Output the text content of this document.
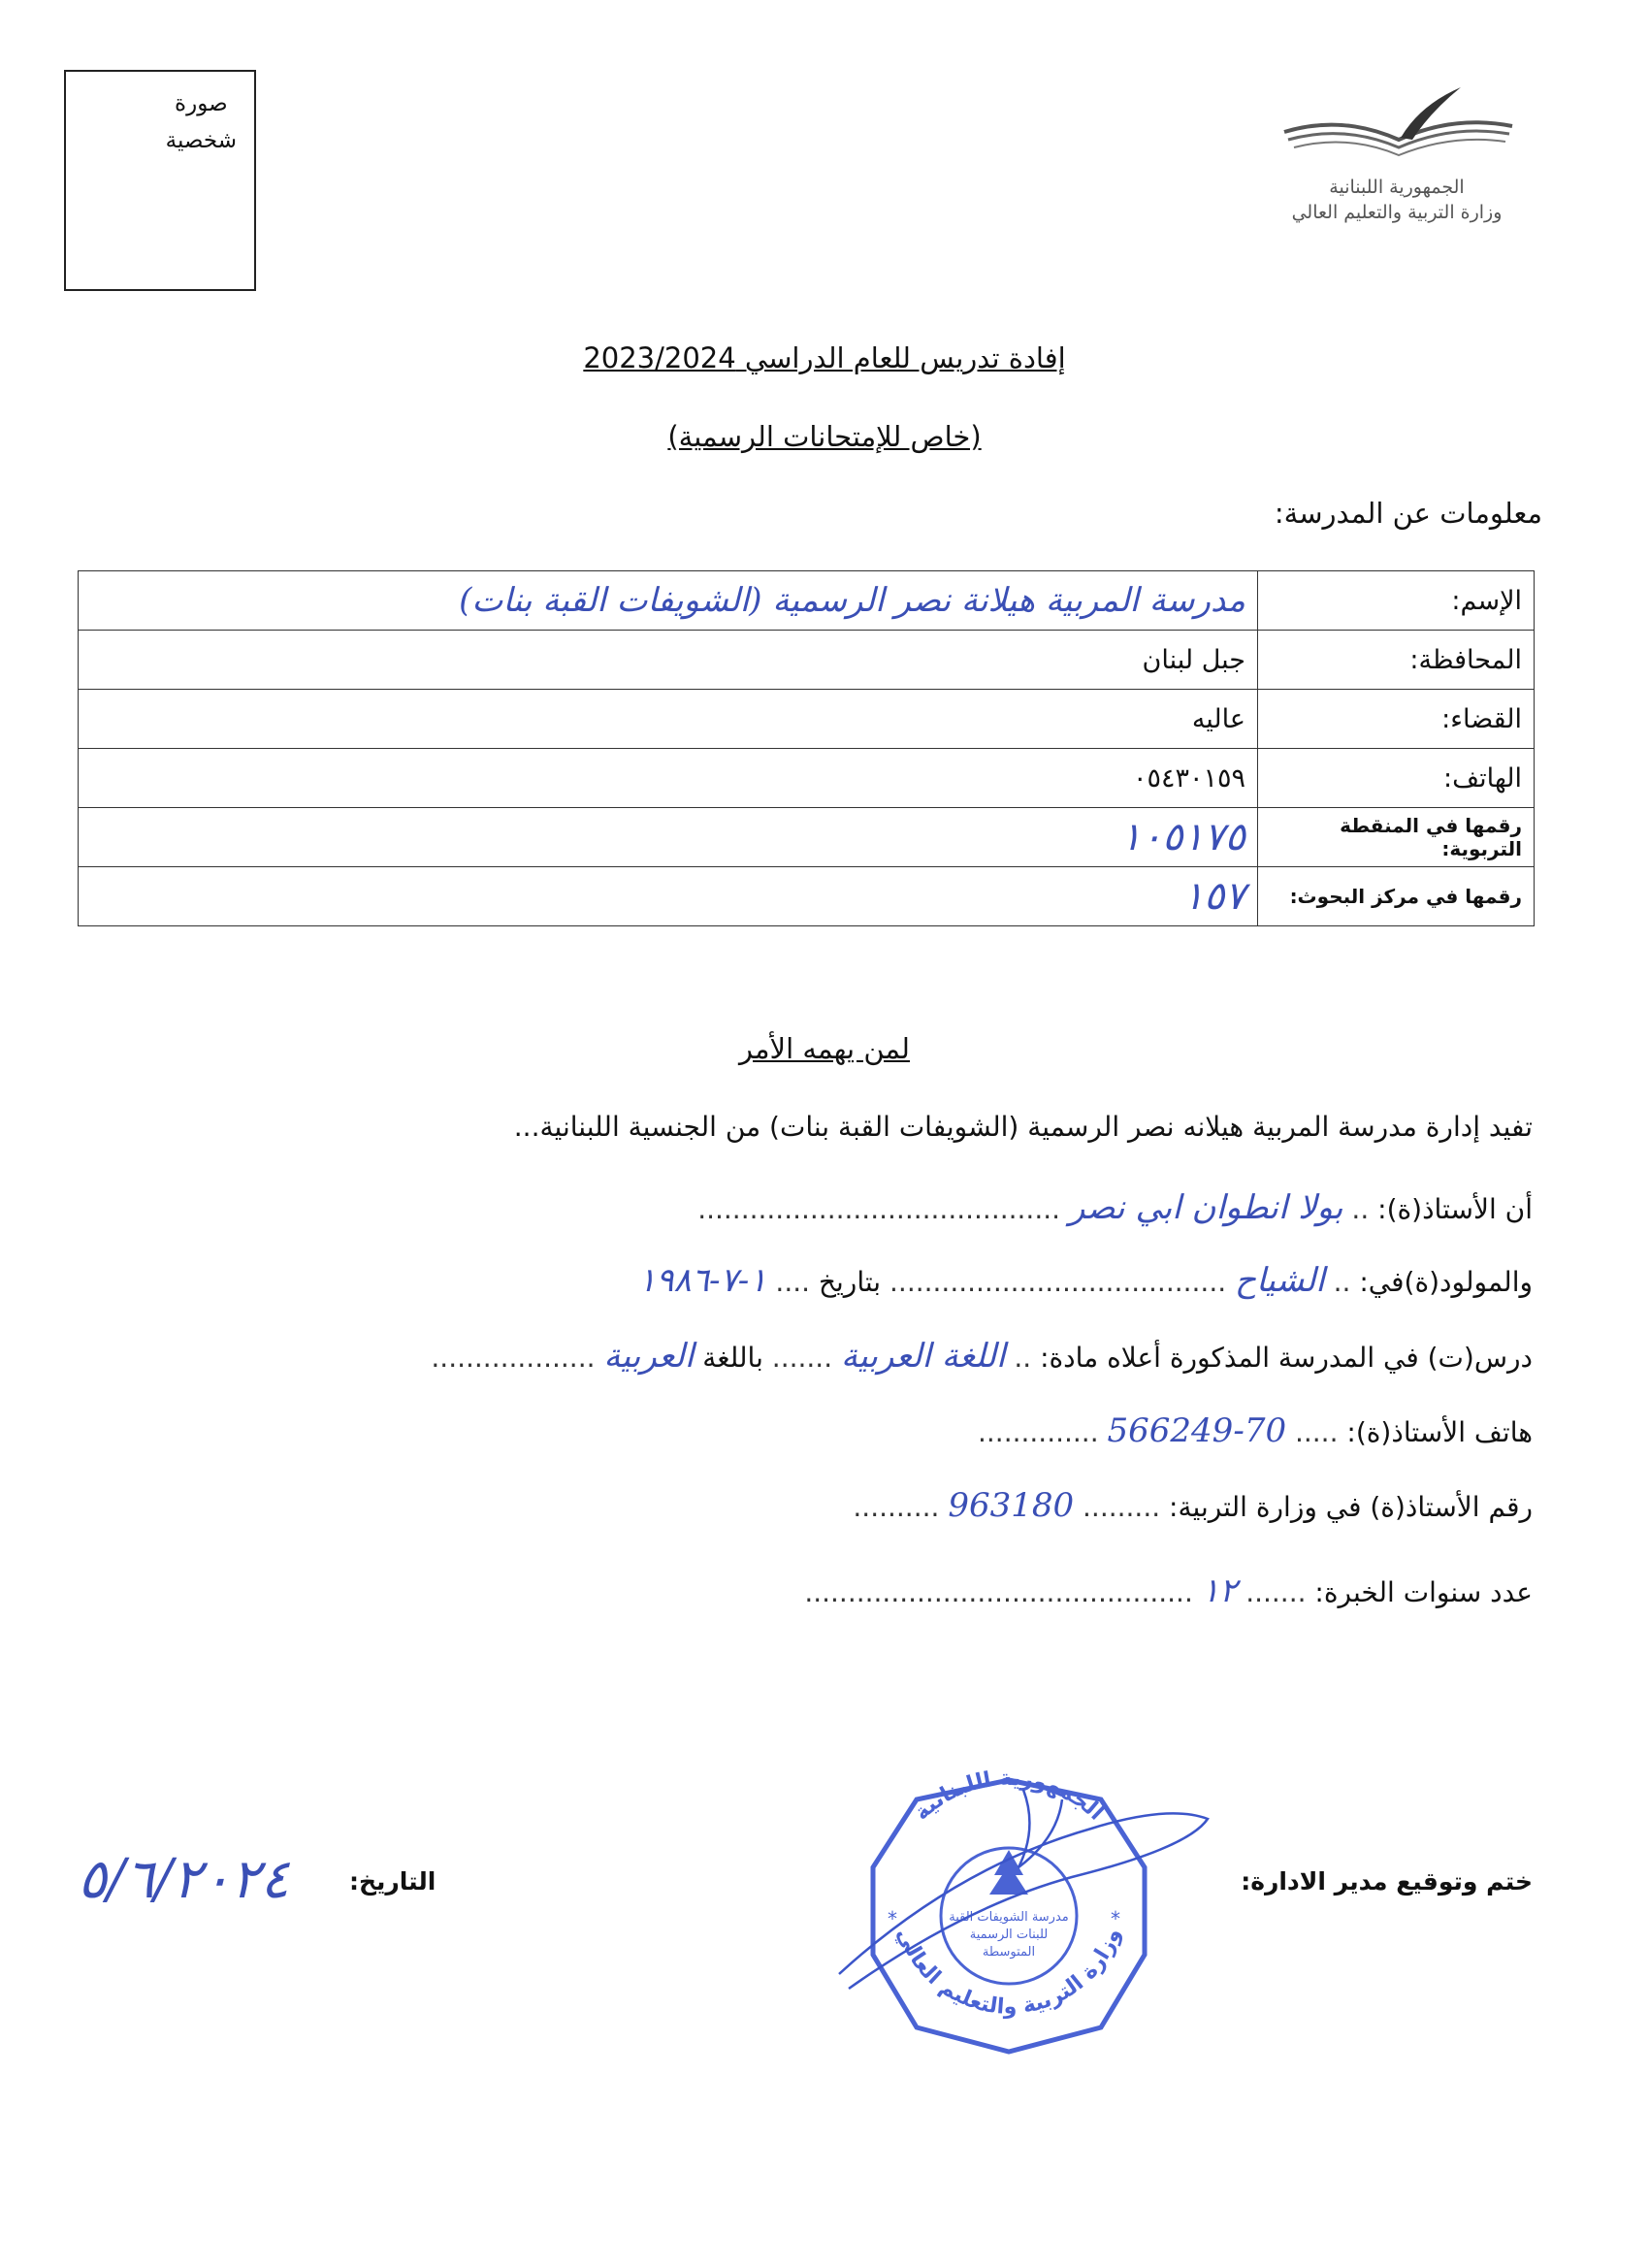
صورة
شخصية
الجمهورية اللبنانية
وزارة التربية والتعليم العالي
إفادة تدريس للعام الدراسي 2023/2024
(خاص للإمتحانات الرسمية)
معلومات عن المدرسة:
الإسم:	مدرسة المربية هيلانة نصر الرسمية (الشويفات القبة بنات)
المحافظة:	جبل لبنان
القضاء:	عاليه
الهاتف:	٠٥٤٣٠١٥٩
رقمها في المنقطة التربوية:	١٠٥١٧٥
رقمها في مركز البحوث:	١٥٧
لمن يهمه الأمر
تفيد إدارة مدرسة المربية هيلانه نصر الرسمية (الشويفات القبة بنات) من الجنسية اللبنانية...
أن الأستاذ(ة): .. بولا انطوان ابي نصر ..........................................
والمولود(ة)في: .. الشياح ....................................... بتاريخ .... ١-٧-١٩٨٦
درس(ت) في المدرسة المذكورة أعلاه مادة: .. اللغة العربية ....... باللغة العربية ...................
هاتف الأستاذ(ة): ..... 70-566249 ..............
رقم الأستاذ(ة) في وزارة التربية: ......... 963180 ..........
عدد سنوات الخبرة: ....... ١٢ .............................................
ختم وتوقيع مدير الادارة:
التاريخ:
٥/٦/٢٠٢٤
الجمهورية اللبنانية
وزارة التربية والتعليم العالي
مدرسة الشويفات القبة
للبنات الرسمية
المتوسطة
*	*
